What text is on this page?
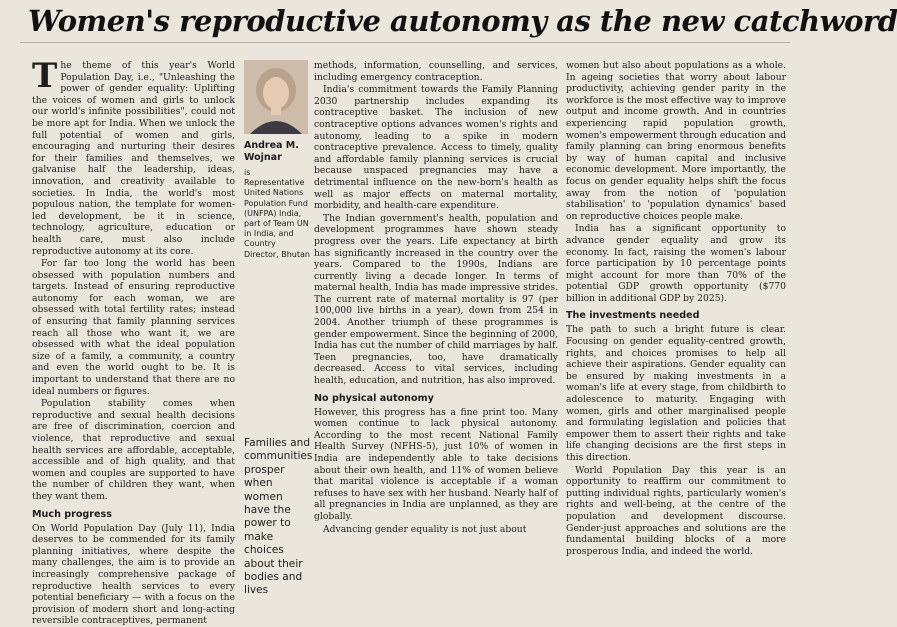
Women's reproductive autonomy as the new catchword

The theme of this year's World Population Day, i.e., "Unleashing the power of gender equality: Uplifting the voices of women and girls to unlock our world's infinite possibilities", could not be more apt for India. When we unlock the full potential of women and girls, encouraging and nurturing their desires for their families and themselves, we galvanise half the leadership, ideas, innovation, and creativity available to societies. In India, the world's most populous nation, the template for women-led development, be it in science, technology, agriculture, education or health care, must also include reproductive autonomy at its core.

For far too long the world has been obsessed with population numbers and targets. Instead of ensuring reproductive autonomy for each woman, we are obsessed with total fertility rates; instead of ensuring that family planning services reach all those who want it, we are obsessed with what the ideal population size of a family, a community, a country and even the world ought to be. It is important to understand that there are no ideal numbers or figures.

Population stability comes when reproductive and sexual health decisions are free of discrimination, coercion and violence, that reproductive and sexual health services are affordable, acceptable, accessible and of high quality, and that women and couples are supported to have the number of children they want, when they want them.

Much progress

On World Population Day (July 11), India deserves to be commended for its family planning initiatives, where despite the many challenges, the aim is to provide an increasingly comprehensive package of reproductive health services to every potential beneficiary — with a focus on the provision of modern short and long-acting reversible contraceptives, permanent

Andrea M. Wojnar
is Representative United Nations Population Fund (UNFPA) India, part of Team UN in India, and Country Director, Bhutan
Families and communities prosper when women have the power to make choices about their bodies and lives

methods, information, counselling, and services, including emergency contraception.

India's commitment towards the Family Planning 2030 partnership includes expanding its contraceptive basket. The inclusion of new contraceptive options advances women's rights and autonomy, leading to a spike in modern contraceptive prevalence. Access to timely, quality and affordable family planning services is crucial because unspaced pregnancies may have a detrimental influence on the new-born's health as well as major effects on maternal mortality, morbidity, and health-care expenditure.

The Indian government's health, population and development programmes have shown steady progress over the years. Life expectancy at birth has significantly increased in the country over the years. Compared to the 1990s, Indians are currently living a decade longer. In terms of maternal health, India has made impressive strides. The current rate of maternal mortality is 97 (per 100,000 live births in a year), down from 254 in 2004. Another triumph of these programmes is gender empowerment. Since the beginning of 2000, India has cut the number of child marriages by half. Teen pregnancies, too, have dramatically decreased. Access to vital services, including health, education, and nutrition, has also improved.

No physical autonomy

However, this progress has a fine print too. Many women continue to lack physical autonomy. According to the most recent National Family Health Survey (NFHS-5), just 10% of women in India are independently able to take decisions about their own health, and 11% of women believe that marital violence is acceptable if a woman refuses to have sex with her husband. Nearly half of all pregnancies in India are unplanned, as they are globally.

Advancing gender equality is not just about

women but also about populations as a whole. In ageing societies that worry about labour productivity, achieving gender parity in the workforce is the most effective way to improve output and income growth. And in countries experiencing rapid population growth, women's empowerment through education and family planning can bring enormous benefits by way of human capital and inclusive economic development. More importantly, the focus on gender equality helps shift the focus away from the notion of 'population stabilisation' to 'population dynamics' based on reproductive choices people make.

India has a significant opportunity to advance gender equality and grow its economy. In fact, raising the women's labour force participation by 10 percentage points might account for more than 70% of the potential GDP growth opportunity ($770 billion in additional GDP by 2025).

The investments needed

The path to such a bright future is clear. Focusing on gender equality-centred growth, rights, and choices promises to help all achieve their aspirations. Gender equality can be ensured by making investments in a woman's life at every stage, from childbirth to adolescence to maturity. Engaging with women, girls and other marginalised people and formulating legislation and policies that empower them to assert their rights and take life changing decisions are the first steps in this direction.

World Population Day this year is an opportunity to reaffirm our commitment to putting individual rights, particularly women's rights and well-being, at the centre of the population and development discourse. Gender-just approaches and solutions are the fundamental building blocks of a more prosperous India, and indeed the world.
